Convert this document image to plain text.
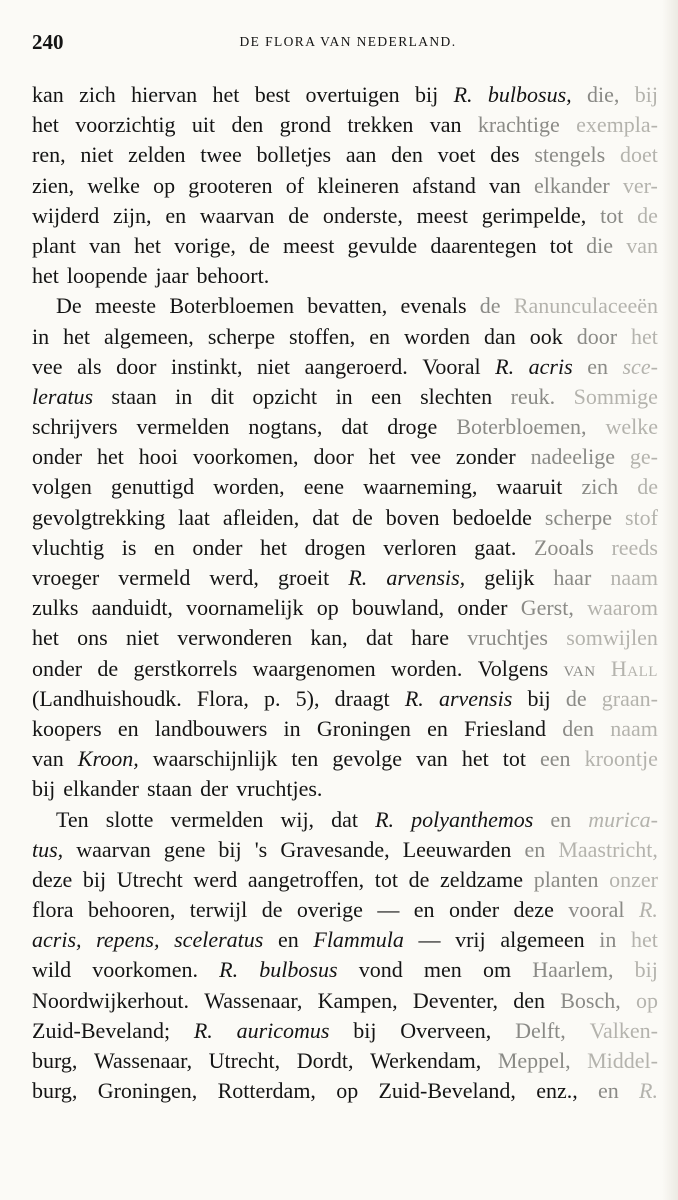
240	DE FLORA VAN NEDERLAND.
kan zich hiervan het best overtuigen bij R. bulbosus, die, bij
het voorzichtig uit den grond trekken van krachtige exempla-
ren, niet zelden twee bolletjes aan den voet des stengels doet
zien, welke op grooteren of kleineren afstand van elkander ver-
wijderd zijn, en waarvan de onderste, meest gerimpelde, tot de
plant van het vorige, de meest gevulde daarentegen tot die van
het loopende jaar behoort.
De meeste Boterbloemen bevatten, evenals de Ranunculaceeën
in het algemeen, scherpe stoffen, en worden dan ook door het
vee als door instinkt, niet aangeroerd. Vooral R. acris en sce-
leratus staan in dit opzicht in een slechten reuk. Sommige
schrijvers vermelden nogtans, dat droge Boterbloemen, welke
onder het hooi voorkomen, door het vee zonder nadeelige ge-
volgen genuttigd worden, eene waarneming, waaruit zich de
gevolgtrekking laat afleiden, dat de boven bedoelde scherpe stof
vluchtig is en onder het drogen verloren gaat. Zooals reeds
vroeger vermeld werd, groeit R. arvensis, gelijk haar naam
zulks aanduidt, voornamelijk op bouwland, onder Gerst, waarom
het ons niet verwonderen kan, dat hare vruchtjes somwijlen
onder de gerstkorrels waargenomen worden. Volgens van Hall
(Landhuishoudk. Flora, p. 5), draagt R. arvensis bij de graan-
koopers en landbouwers in Groningen en Friesland den naam
van Kroon, waarschijnlijk ten gevolge van het tot een kroontje
bij elkander staan der vruchtjes.
Ten slotte vermelden wij, dat R. polyanthemos en murica-
tus, waarvan gene bij 's Gravesande, Leeuwarden en Maastricht,
deze bij Utrecht werd aangetroffen, tot de zeldzame planten onzer
flora behooren, terwijl de overige — en onder deze vooral R.
acris, repens, sceleratus en Flammula — vrij algemeen in het
wild voorkomen. R. bulbosus vond men om Haarlem, bij
Noordwijkerhout. Wassenaar, Kampen, Deventer, den Bosch, op
Zuid-Beveland; R. auricomus bij Overveen, Delft, Valken-
burg, Wassenaar, Utrecht, Dordt, Werkendam, Meppel, Middel-
burg, Groningen, Rotterdam, op Zuid-Beveland, enz., en R.
